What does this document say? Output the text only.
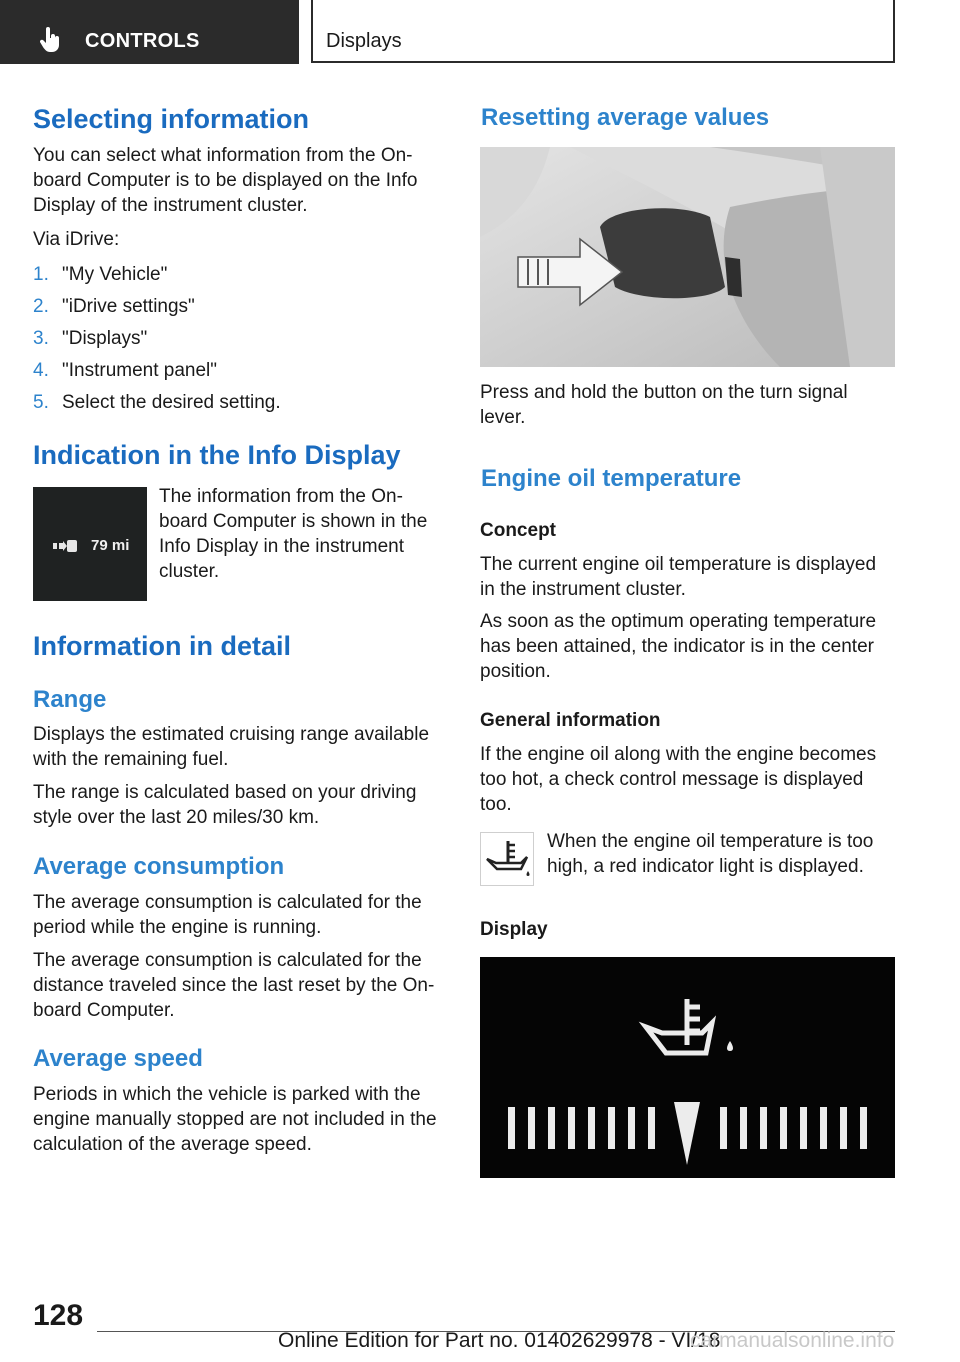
CONTROLS	Displays
Selecting information

You can select what information from the On-

board Computer is to be displayed on the Info

Display of the instrument cluster.

Via iDrive:

1. "My Vehicle"
2. "iDrive settings"
3. "Displays"
4. "Instrument panel"
5. Select the desired setting.
Indication in the Info Display
79 mi

The information from the On-

board Computer is shown in the

Info Display in the instrument

cluster.

Information in detail
Range

Displays the estimated cruising range available

with the remaining fuel.

The range is calculated based on your driving

style over the last 20 miles/30 km.

Average consumption

The average consumption is calculated for the

period while the engine is running.

The average consumption is calculated for the

distance traveled since the last reset by the On-

board Computer.

Average speed

Periods in which the vehicle is parked with the

engine manually stopped are not included in the

calculation of the average speed.

Resetting average values

Press and hold the button on the turn signal

lever.

Engine oil temperature
Concept

The current engine oil temperature is displayed

in the instrument cluster.

As soon as the optimum operating temperature

has been attained, the indicator is in the center

position.

General information

If the engine oil along with the engine becomes

too hot, a check control message is displayed

too.

When the engine oil temperature is too

high, a red indicator light is displayed.

Display
128
Online Edition for Part no. 01402629978 - VI/18
carmanualsonline.info
